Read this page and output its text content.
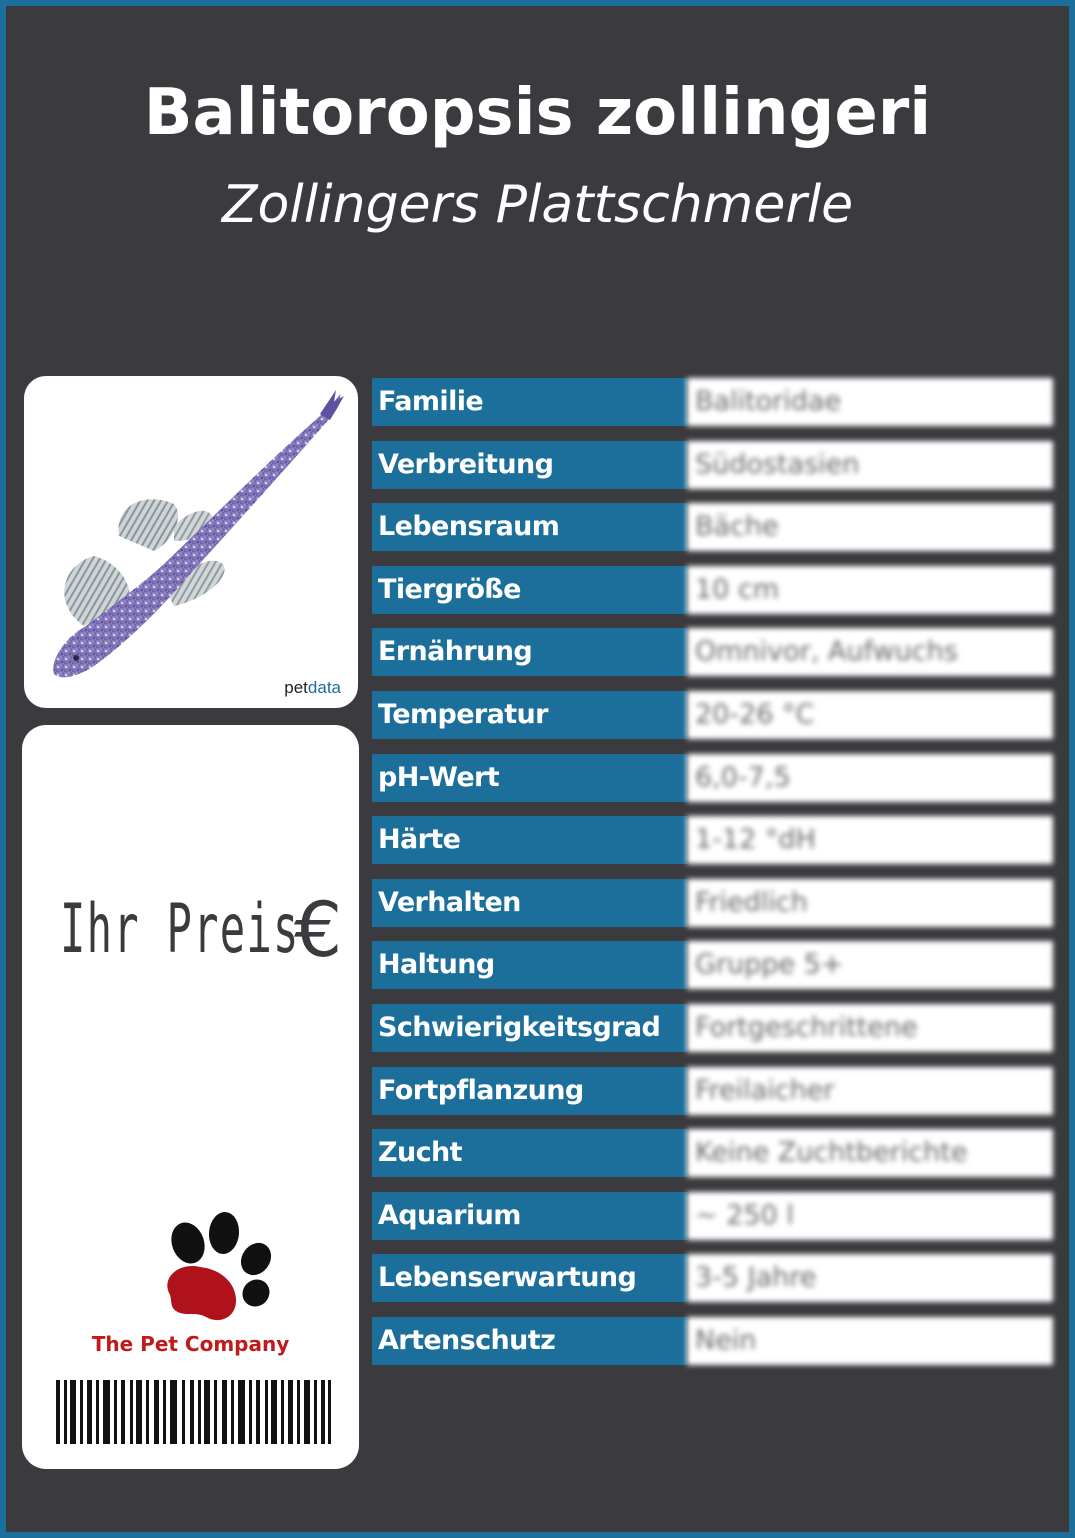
Balitoropsis zollingeri
Zollingers Plattschmerle
petdata
Ihr Preis
€
The Pet Company
Familie	Balitoridae
Verbreitung	Südostasien
Lebensraum	Bäche
Tiergröße	10 cm
Ernährung	Omnivor, Aufwuchs
Temperatur	20-26 °C
pH-Wert	6,0-7,5
Härte	1-12 °dH
Verhalten	Friedlich
Haltung	Gruppe 5+
Schwierigkeitsgrad	Fortgeschrittene
Fortpflanzung	Freilaicher
Zucht	Keine Zuchtberichte
Aquarium	~ 250 l
Lebenserwartung	3-5 Jahre
Artenschutz	Nein
